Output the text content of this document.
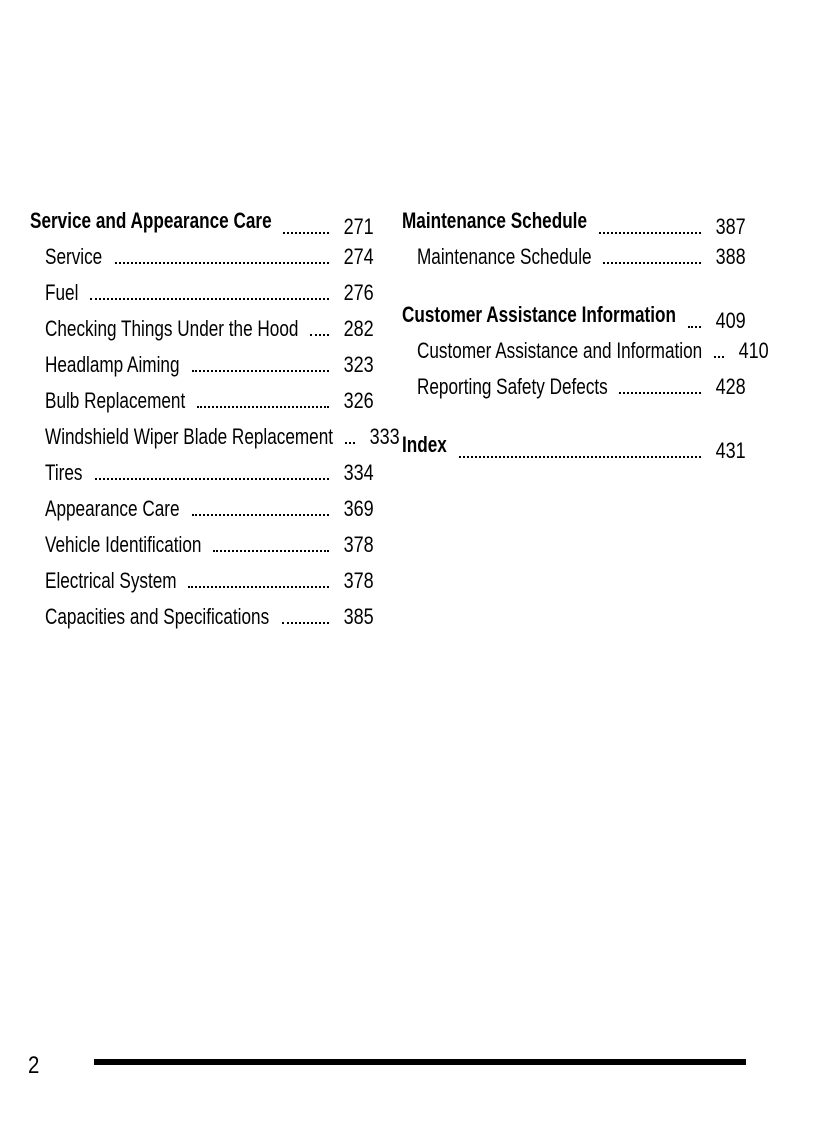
Service and Appearance Care	271
Service	274
Fuel	276
Checking Things Under the Hood 282
Headlamp Aiming	323
Bulb Replacement	326
Windshield Wiper Blade Replacement 333
Tires	334
Appearance Care	369
Vehicle Identification	378
Electrical System	378
Capacities and Specifications	385
Maintenance Schedule	387
Maintenance Schedule	388
Customer Assistance Information 409
Customer Assistance and Information 410
Reporting Safety Defects	428
Index	431
2
